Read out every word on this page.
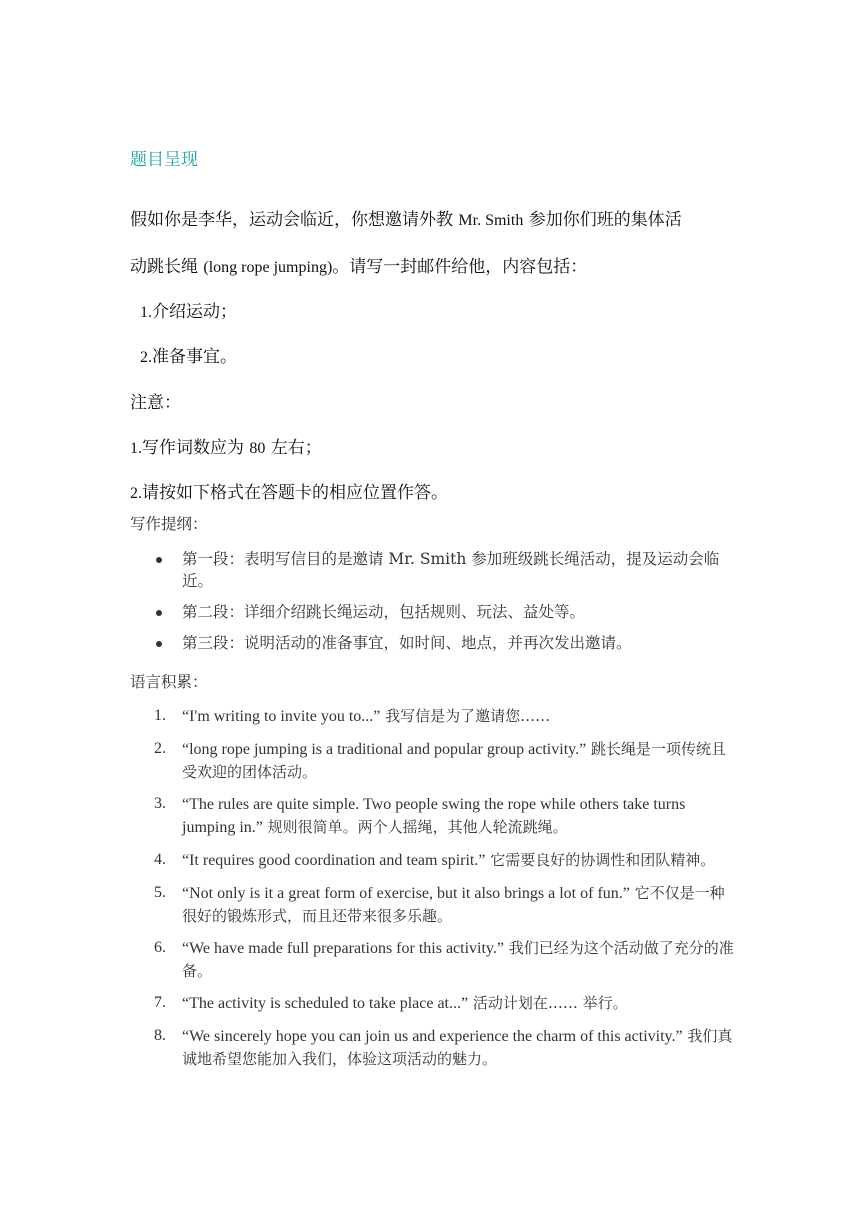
题目呈现
假如你是李华，运动会临近，你想邀请外教 Mr. Smith 参加你们班的集体活
动跳长绳 (long rope jumping)。请写一封邮件给他，内容包括：
1.介绍运动；
2.准备事宜。
注意：
1.写作词数应为 80 左右；
2.请按如下格式在答题卡的相应位置作答。
写作提纲：
第一段：表明写信目的是邀请 Mr. Smith 参加班级跳长绳活动，提及运动会临近。
第二段：详细介绍跳长绳运动，包括规则、玩法、益处等。
第三段：说明活动的准备事宜，如时间、地点，并再次发出邀请。
语言积累：
1. “I'm writing to invite you to...” 我写信是为了邀请您……
2. “long rope jumping is a traditional and popular group activity.” 跳长绳是一项传统且受欢迎的团体活动。
3. “The rules are quite simple. Two people swing the rope while others take turns jumping in.” 规则很简单。两个人摇绳，其他人轮流跳绳。
4. “It requires good coordination and team spirit.” 它需要良好的协调性和团队精神。
5. “Not only is it a great form of exercise, but it also brings a lot of fun.” 它不仅是一种很好的锻炼形式，而且还带来很多乐趣。
6. “We have made full preparations for this activity.” 我们已经为这个活动做了充分的准备。
7. “The activity is scheduled to take place at...” 活动计划在…… 举行。
8. “We sincerely hope you can join us and experience the charm of this activity.” 我们真诚地希望您能加入我们，体验这项活动的魅力。
